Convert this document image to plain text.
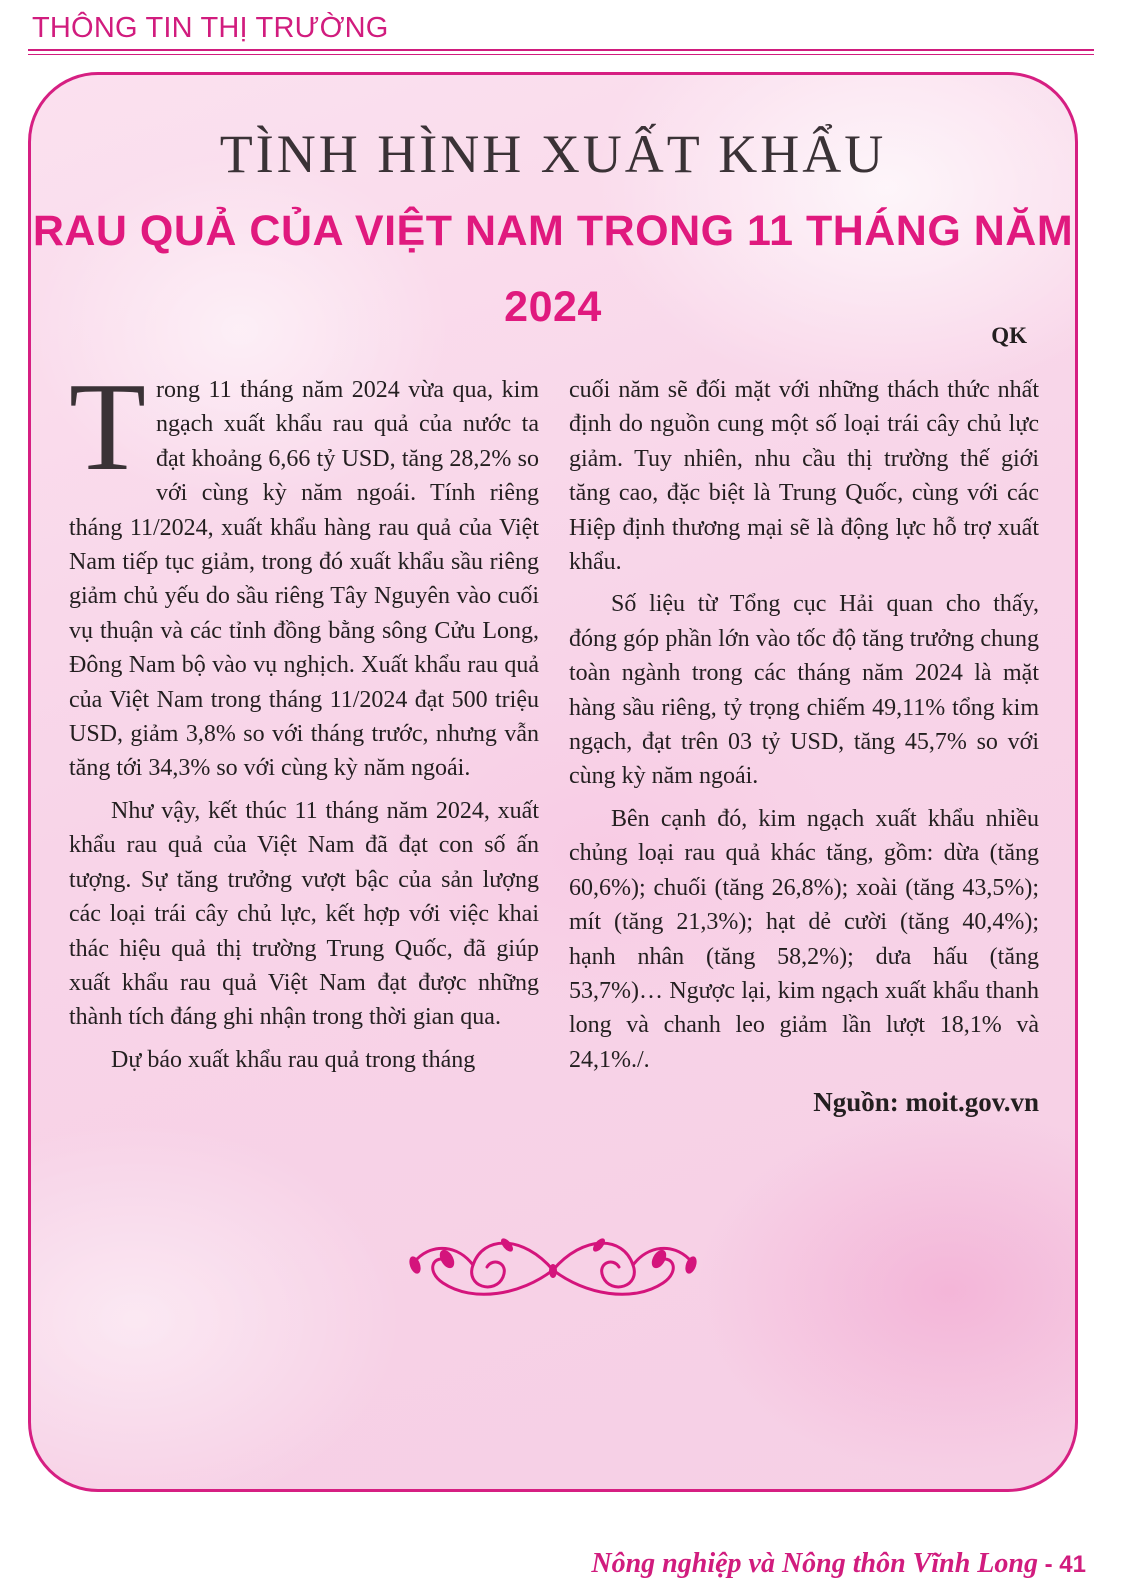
THÔNG TIN THỊ TRƯỜNG
TÌNH HÌNH XUẤT KHẨU
RAU QUẢ CỦA VIỆT NAM TRONG 11 THÁNG NĂM 2024
QK

Trong 11 tháng năm 2024 vừa qua, kim ngạch xuất khẩu rau quả của nước ta đạt khoảng 6,66 tỷ USD, tăng 28,2% so với cùng kỳ năm ngoái. Tính riêng tháng 11/2024, xuất khẩu hàng rau quả của Việt Nam tiếp tục giảm, trong đó xuất khẩu sầu riêng giảm chủ yếu do sầu riêng Tây Nguyên vào cuối vụ thuận và các tỉnh đồng bằng sông Cửu Long, Đông Nam bộ vào vụ nghịch. Xuất khẩu rau quả của Việt Nam trong tháng 11/2024 đạt 500 triệu USD, giảm 3,8% so với tháng trước, nhưng vẫn tăng tới 34,3% so với cùng kỳ năm ngoái.

Như vậy, kết thúc 11 tháng năm 2024, xuất khẩu rau quả của Việt Nam đã đạt con số ấn tượng. Sự tăng trưởng vượt bậc của sản lượng các loại trái cây chủ lực, kết hợp với việc khai thác hiệu quả thị trường Trung Quốc, đã giúp xuất khẩu rau quả Việt Nam đạt được những thành tích đáng ghi nhận trong thời gian qua.

Dự báo xuất khẩu rau quả trong tháng

cuối năm sẽ đối mặt với những thách thức nhất định do nguồn cung một số loại trái cây chủ lực giảm. Tuy nhiên, nhu cầu thị trường thế giới tăng cao, đặc biệt là Trung Quốc, cùng với các Hiệp định thương mại sẽ là động lực hỗ trợ xuất khẩu.

Số liệu từ Tổng cục Hải quan cho thấy, đóng góp phần lớn vào tốc độ tăng trưởng chung toàn ngành trong các tháng năm 2024 là mặt hàng sầu riêng, tỷ trọng chiếm 49,11% tổng kim ngạch, đạt trên 03 tỷ USD, tăng 45,7% so với cùng kỳ năm ngoái.

Bên cạnh đó, kim ngạch xuất khẩu nhiều chủng loại rau quả khác tăng, gồm: dừa (tăng 60,6%); chuối (tăng 26,8%); xoài (tăng 43,5%); mít (tăng 21,3%); hạt dẻ cười (tăng 40,4%); hạnh nhân (tăng 58,2%); dưa hấu (tăng 53,7%)… Ngược lại, kim ngạch xuất khẩu thanh long và chanh leo giảm lần lượt 18,1% và 24,1%./.

Nguồn: moit.gov.vn
Nông nghiệp và Nông thôn Vĩnh Long - 41
